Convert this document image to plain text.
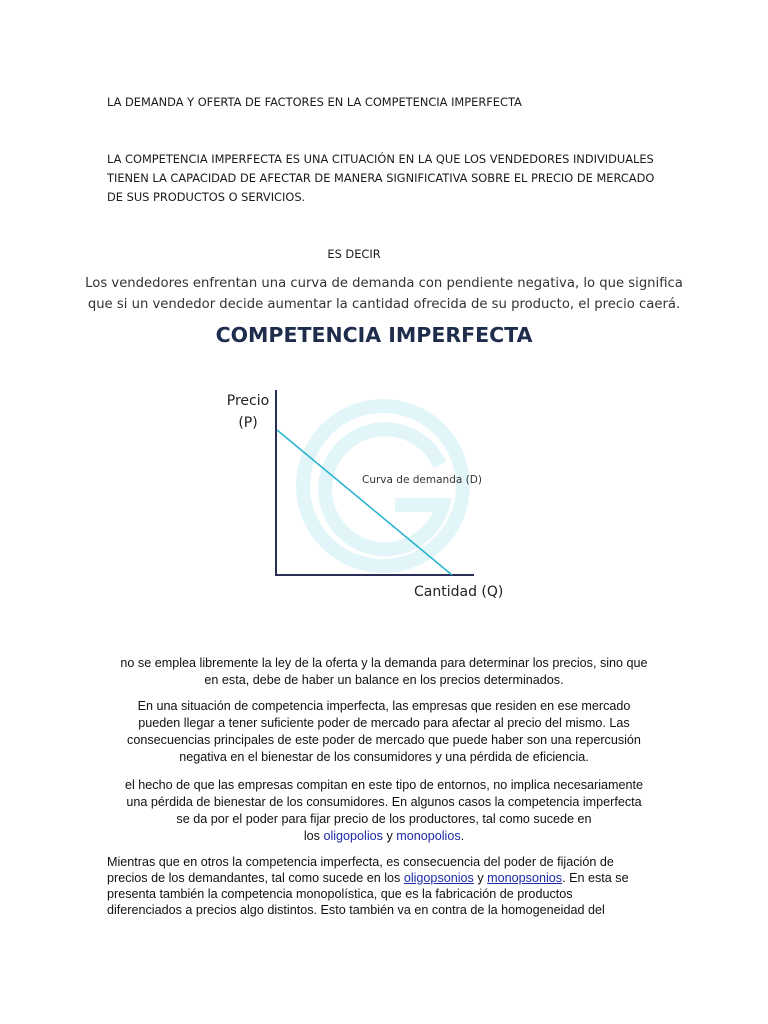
LA DEMANDA Y OFERTA DE FACTORES EN LA COMPETENCIA IMPERFECTA
LA COMPETENCIA IMPERFECTA ES UNA CITUACIÓN EN LA QUE LOS VENDEDORES INDIVIDUALES
TIENEN LA CAPACIDAD DE AFECTAR DE MANERA SIGNIFICATIVA SOBRE EL PRECIO DE MERCADO
DE SUS PRODUCTOS O SERVICIOS.
ES DECIR
Los vendedores enfrentan una curva de demanda con pendiente negativa, lo que significa
que si un vendedor decide aumentar la cantidad ofrecida de su producto, el precio caerá.
COMPETENCIA IMPERFECTA
Precio
(P)
Curva de demanda (D)
Cantidad (Q)
no se emplea libremente la ley de la oferta y la demanda para determinar los precios, sino que
en esta, debe de haber un balance en los precios determinados.
En una situación de competencia imperfecta, las empresas que residen en ese mercado
pueden llegar a tener suficiente poder de mercado para afectar al precio del mismo. Las
consecuencias principales de este poder de mercado que puede haber son una repercusión
negativa en el bienestar de los consumidores y una pérdida de eficiencia.
el hecho de que las empresas compitan en este tipo de entornos, no implica necesariamente
una pérdida de bienestar de los consumidores. En algunos casos la competencia imperfecta
se da por el poder para fijar precio de los productores, tal como sucede en
los oligopolios y monopolios.
Mientras que en otros la competencia imperfecta, es consecuencia del poder de fijación de
precios de los demandantes, tal como sucede en los oligopsonios y monopsonios. En esta se
presenta también la competencia monopolística, que es la fabricación de productos
diferenciados a precios algo distintos. Esto también va en contra de la homogeneidad del
